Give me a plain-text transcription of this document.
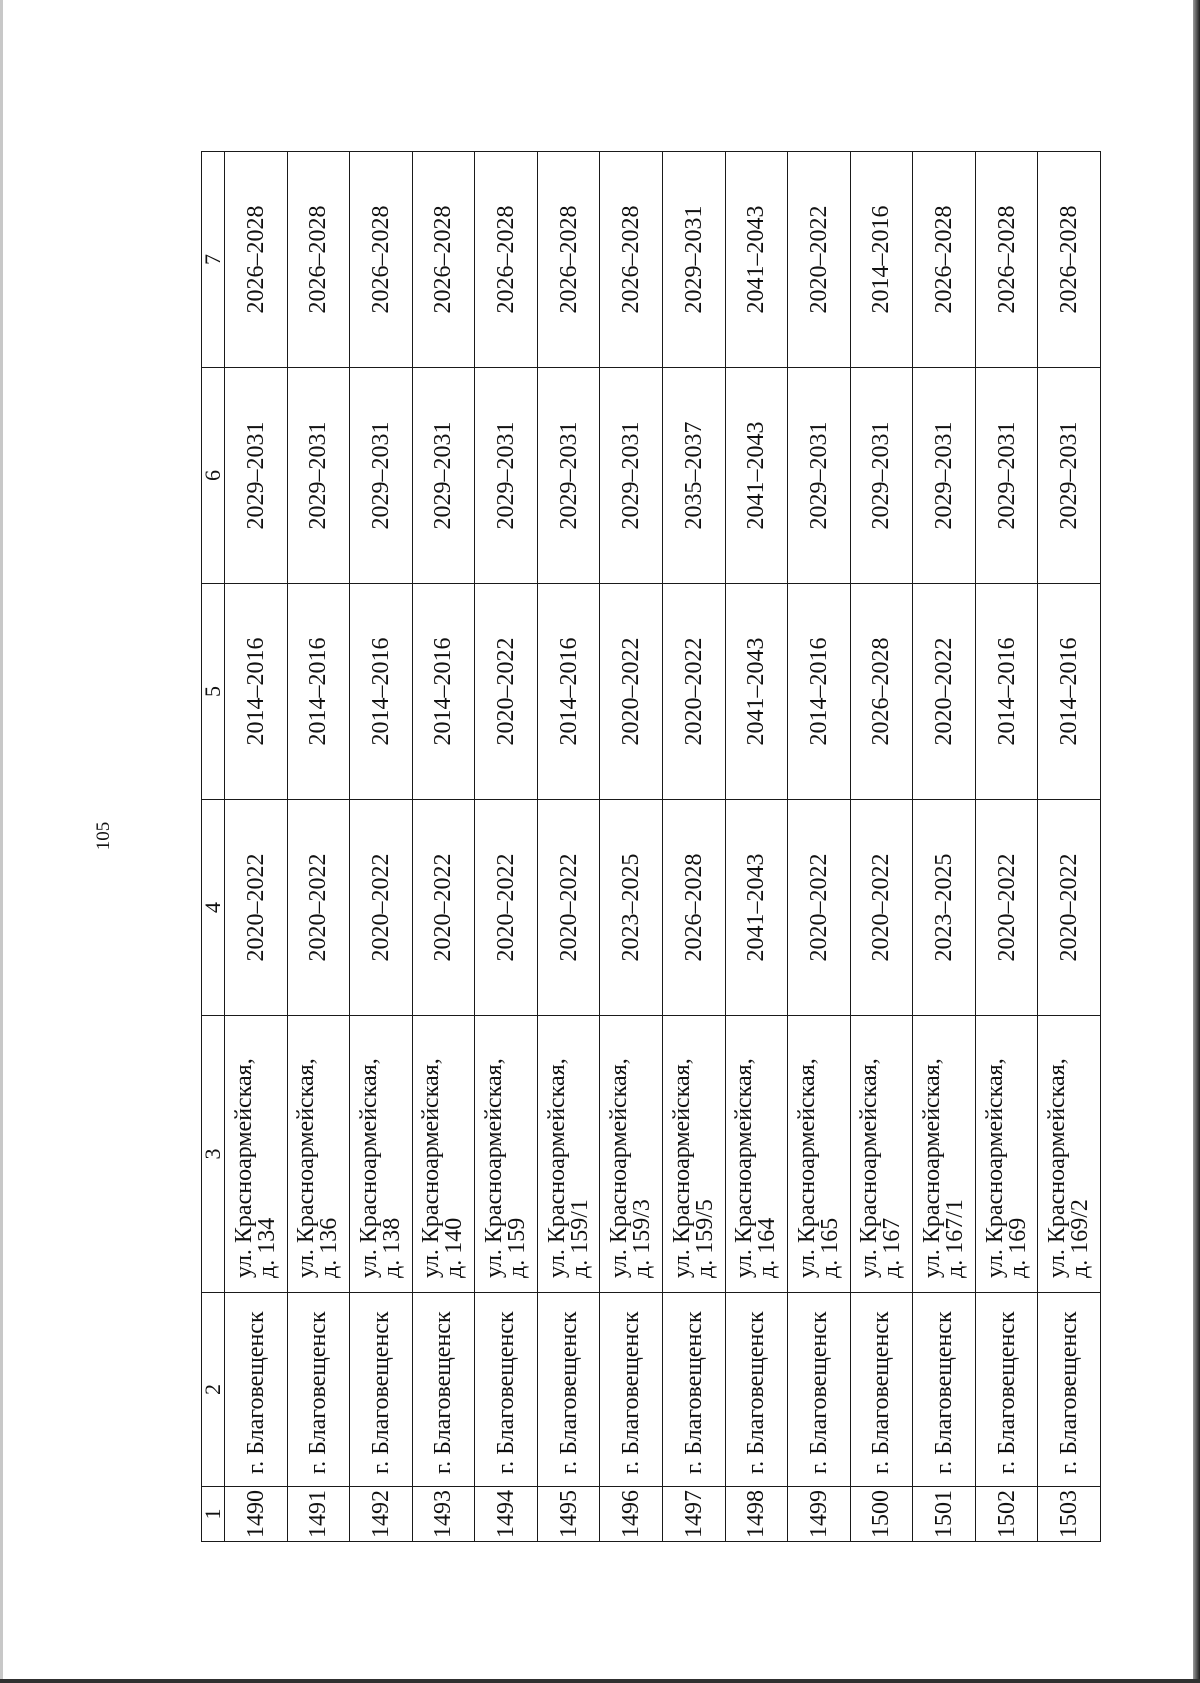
105
1	2	3	4	5	6	7
1490	г. Благовещенск	ул. Красноармейская,
д. 134	2020–2022	2014–2016	2029–2031	2026–2028
1491	г. Благовещенск	ул. Красноармейская,
д. 136	2020–2022	2014–2016	2029–2031	2026–2028
1492	г. Благовещенск	ул. Красноармейская,
д. 138	2020–2022	2014–2016	2029–2031	2026–2028
1493	г. Благовещенск	ул. Красноармейская,
д. 140	2020–2022	2014–2016	2029–2031	2026–2028
1494	г. Благовещенск	ул. Красноармейская,
д. 159	2020–2022	2020–2022	2029–2031	2026–2028
1495	г. Благовещенск	ул. Красноармейская,
д. 159/1	2020–2022	2014–2016	2029–2031	2026–2028
1496	г. Благовещенск	ул. Красноармейская,
д. 159/3	2023–2025	2020–2022	2029–2031	2026–2028
1497	г. Благовещенск	ул. Красноармейская,
д. 159/5	2026–2028	2020–2022	2035–2037	2029–2031
1498	г. Благовещенск	ул. Красноармейская,
д. 164	2041–2043	2041–2043	2041–2043	2041–2043
1499	г. Благовещенск	ул. Красноармейская,
д. 165	2020–2022	2014–2016	2029–2031	2020–2022
1500	г. Благовещенск	ул. Красноармейская,
д. 167	2020–2022	2026–2028	2029–2031	2014–2016
1501	г. Благовещенск	ул. Красноармейская,
д. 167/1	2023–2025	2020–2022	2029–2031	2026–2028
1502	г. Благовещенск	ул. Красноармейская,
д. 169	2020–2022	2014–2016	2029–2031	2026–2028
1503	г. Благовещенск	ул. Красноармейская,
д. 169/2	2020–2022	2014–2016	2029–2031	2026–2028
